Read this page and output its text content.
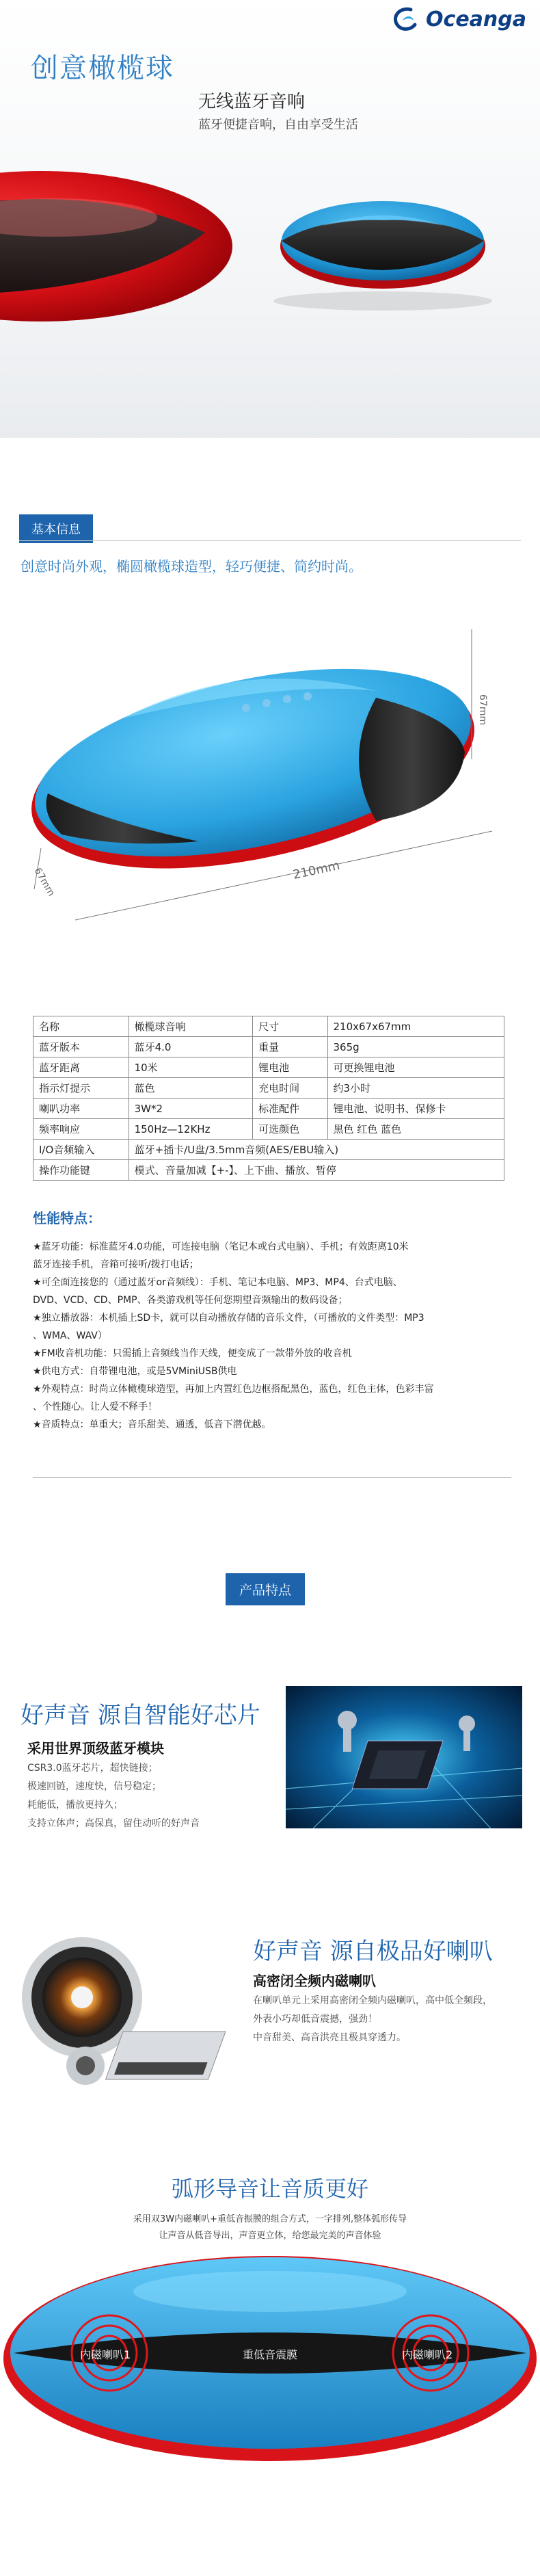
Oceanga
创意橄榄球
无线蓝牙音响
蓝牙便捷音响，自由享受生活
基本信息
创意时尚外观，椭圆橄榄球造型，轻巧便捷、简约时尚。
67mm
67mm	210mm
名称	橄榄球音响	尺寸	210x67x67mm
蓝牙版本	蓝牙4.0	重量	365g
蓝牙距离	10米	锂电池	可更换锂电池
指示灯提示	蓝色	充电时间	约3小时
喇叭功率	3W*2	标准配件	锂电池、说明书、保修卡
频率响应	150Hz—12KHz	可选颜色	黑色 红色 蓝色
I/O音频输入	蓝牙+插卡/U盘/3.5mm音频(AES/EBU输入)		
操作功能键	模式、音量加减【+-】、上下曲、播放、暂停		
性能特点：
★蓝牙功能：标准蓝牙4.0功能，可连接电脑（笔记本或台式电脑）、手机；有效距离10米
蓝牙连接手机，音箱可接听/拨打电话；
★可全面连接您的（通过蓝牙or音频线）：手机、笔记本电脑、MP3、MP4、台式电脑、
DVD、VCD、CD、PMP、各类游戏机等任何您期望音频输出的数码设备；
★独立播放器：本机插上SD卡，就可以自动播放存储的音乐文件，（可播放的文件类型：MP3
、WMA、WAV）
★FM收音机功能：只需插上音频线当作天线，便变成了一款带外放的收音机
★供电方式：自带锂电池，或是5VMiniUSB供电
★外观特点：时尚立体橄榄球造型，再加上内置红色边框搭配黑色，蓝色，红色主体，色彩丰富
、个性随心。让人爱不释手！
★音质特点：单重大；音乐甜美、通透，低音下潜优越。
产品特点
好声音 源自智能好芯片
采用世界顶级蓝牙模块
CSR3.0蓝牙芯片，超快链接；
极速回链，速度快，信号稳定；
耗能低，播放更持久；
支持立体声；高保真，留住动听的好声音
好声音 源自极品好喇叭
高密闭全频内磁喇叭
在喇叭单元上采用高密闭全频内磁喇叭，高中低全频段，
外表小巧却低音震撼，强劲！
中音甜美、高音洪亮且极具穿透力。
弧形导音让音质更好
采用双3W内磁喇叭+重低音振膜的组合方式，一字排列,整体弧形传导
让声音从低音导出，声音更立体，给您最完美的声音体验
内磁喇叭1	重低音震膜	内磁喇叭2
